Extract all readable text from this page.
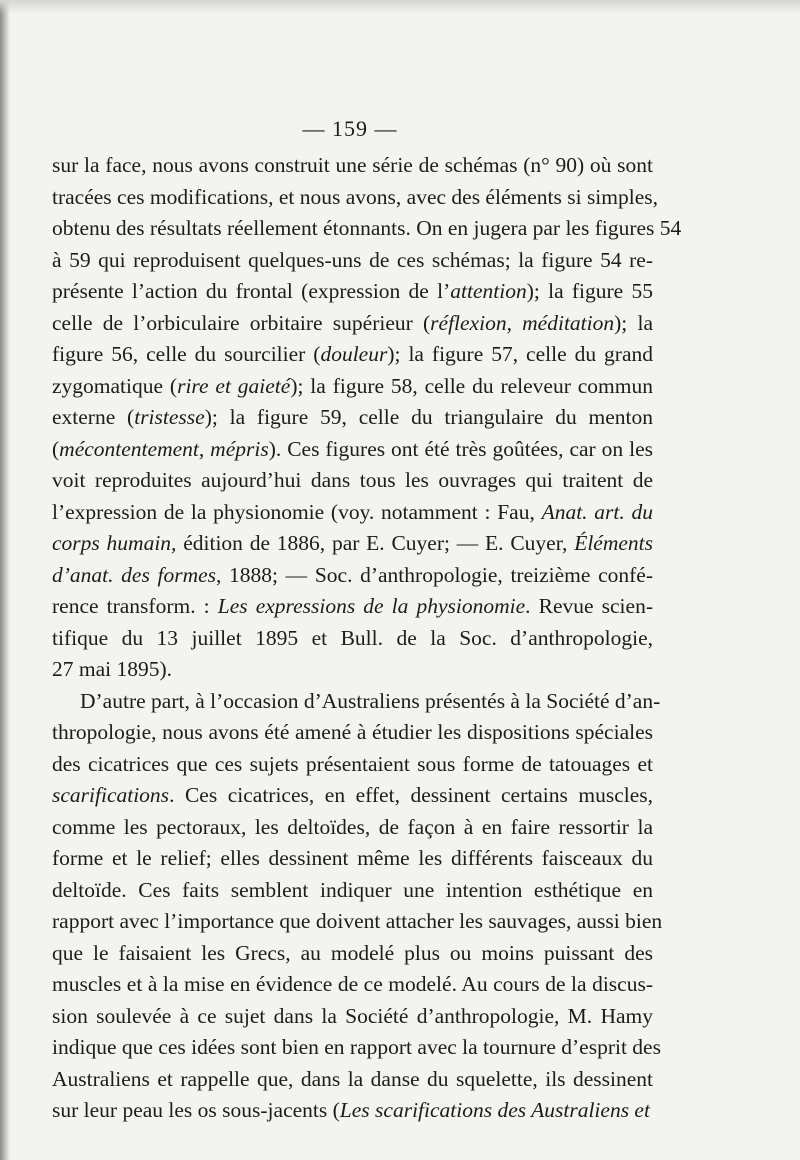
— 159 —
sur la face, nous avons construit une série de schémas (n° 90) où sont
tracées ces modifications, et nous avons, avec des éléments si simples,
obtenu des résultats réellement étonnants. On en jugera par les figures 54
à 59 qui reproduisent quelques-uns de ces schémas; la figure 54 re-
présente l’action du frontal (expression de l’attention); la figure 55
celle de l’orbiculaire orbitaire supérieur (réflexion, méditation); la
figure 56, celle du sourcilier (douleur); la figure 57, celle du grand
zygomatique (rire et gaieté); la figure 58, celle du releveur commun
externe (tristesse); la figure 59, celle du triangulaire du menton
(mécontentement, mépris). Ces figures ont été très goûtées, car on les
voit reproduites aujourd’hui dans tous les ouvrages qui traitent de
l’expression de la physionomie (voy. notamment : Fau, Anat. art. du
corps humain, édition de 1886, par E. Cuyer; — E. Cuyer, Éléments
d’anat. des formes, 1888; — Soc. d’anthropologie, treizième confé-
rence transform. : Les expressions de la physionomie. Revue scien-
tifique du 13 juillet 1895 et Bull. de la Soc. d’anthropologie,
27 mai 1895).
D’autre part, à l’occasion d’Australiens présentés à la Société d’an-
thropologie, nous avons été amené à étudier les dispositions spéciales
des cicatrices que ces sujets présentaient sous forme de tatouages et
scarifications. Ces cicatrices, en effet, dessinent certains muscles,
comme les pectoraux, les deltoïdes, de façon à en faire ressortir la
forme et le relief; elles dessinent même les différents faisceaux du
deltoïde. Ces faits semblent indiquer une intention esthétique en
rapport avec l’importance que doivent attacher les sauvages, aussi bien
que le faisaient les Grecs, au modelé plus ou moins puissant des
muscles et à la mise en évidence de ce modelé. Au cours de la discus-
sion soulevée à ce sujet dans la Société d’anthropologie, M. Hamy
indique que ces idées sont bien en rapport avec la tournure d’esprit des
Australiens et rappelle que, dans la danse du squelette, ils dessinent
sur leur peau les os sous-jacents (Les scarifications des Australiens et
